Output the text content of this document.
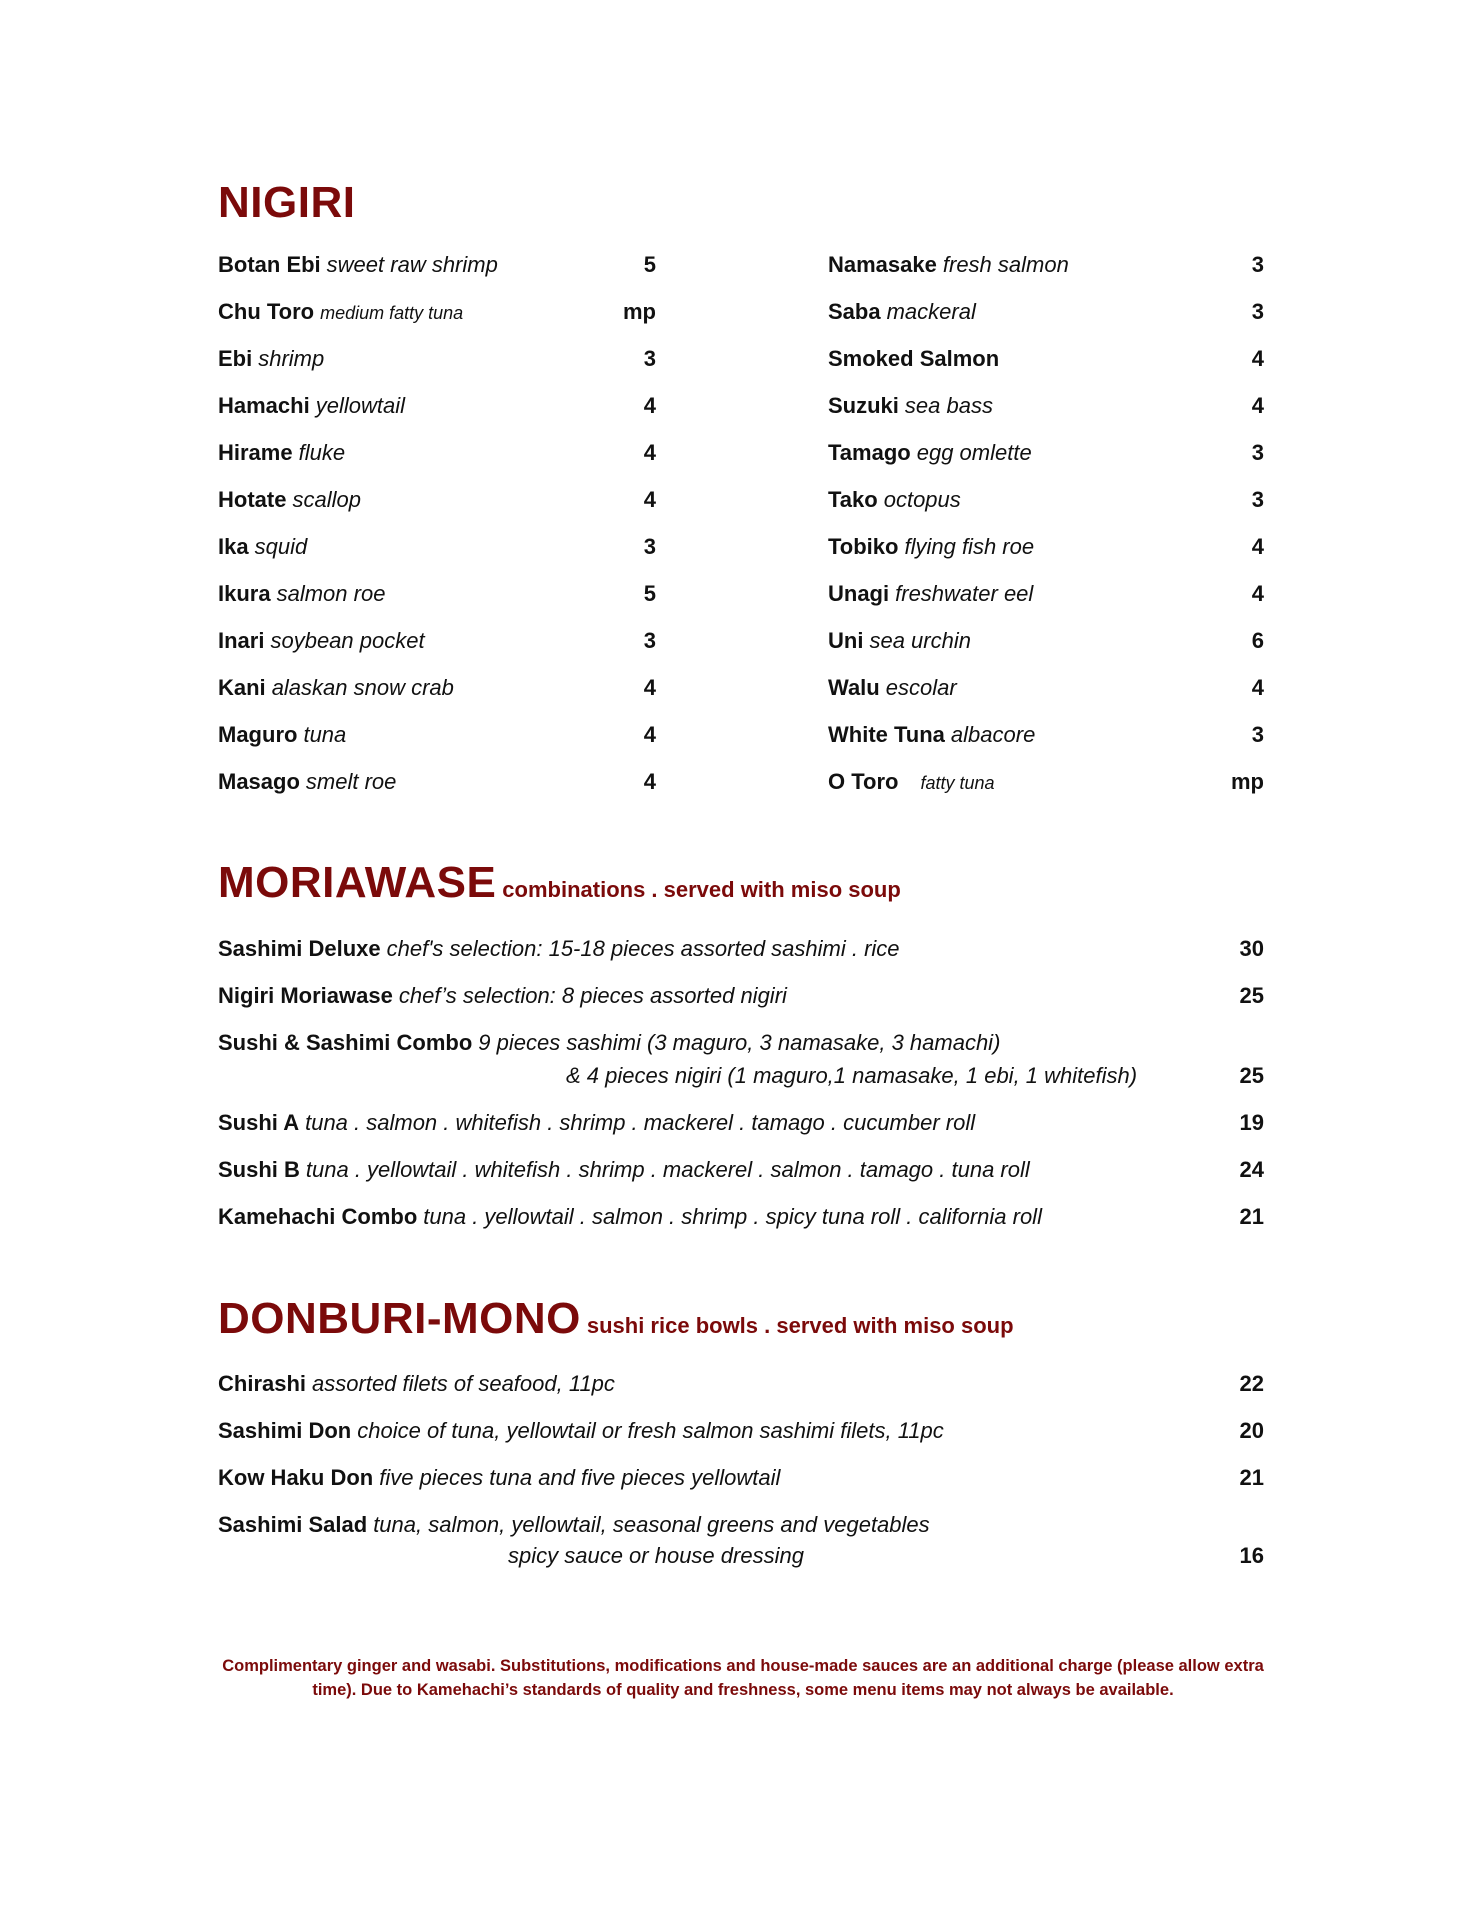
NIGIRI
Botan Ebi sweet raw shrimp	5
Chu Toro medium fatty tuna	mp
Ebi shrimp	3
Hamachi yellowtail	4
Hirame fluke	4
Hotate scallop	4
Ika squid	3
Ikura salmon roe	5
Inari soybean pocket	3
Kani alaskan snow crab	4
Maguro tuna	4
Masago smelt roe	4
Namasake fresh salmon	3
Saba mackeral	3
Smoked Salmon	4
Suzuki sea bass	4
Tamago egg omlette	3
Tako octopus	3
Tobiko flying fish roe	4
Unagi freshwater eel	4
Uni sea urchin	6
Walu escolar	4
White Tuna albacore	3
O Toro fatty tuna	mp
MORIAWASE combinations . served with miso soup
Sashimi Deluxe chef's selection: 15-18 pieces assorted sashimi . rice	30
Nigiri Moriawase chef’s selection: 8 pieces assorted nigiri	25
Sushi & Sashimi Combo 9 pieces sashimi (3 maguro, 3 namasake, 3 hamachi)
& 4 pieces nigiri (1 maguro,1 namasake, 1 ebi, 1 whitefish)	25
Sushi A tuna . salmon . whitefish . shrimp . mackerel . tamago . cucumber roll	19
Sushi B tuna . yellowtail . whitefish . shrimp . mackerel . salmon . tamago . tuna roll	24
Kamehachi Combo tuna . yellowtail . salmon . shrimp . spicy tuna roll . california roll	21
DONBURI-MONO sushi rice bowls . served with miso soup
Chirashi assorted filets of seafood, 11pc	22
Sashimi Don choice of tuna, yellowtail or fresh salmon sashimi filets, 11pc	20
Kow Haku Don five pieces tuna and five pieces yellowtail	21
Sashimi Salad tuna, salmon, yellowtail, seasonal greens and vegetables
spicy sauce or house dressing	16
Complimentary ginger and wasabi. Substitutions, modifications and house-made sauces are an additional charge (please allow extra time). Due to Kamehachi’s standards of quality and freshness, some menu items may not always be available.
